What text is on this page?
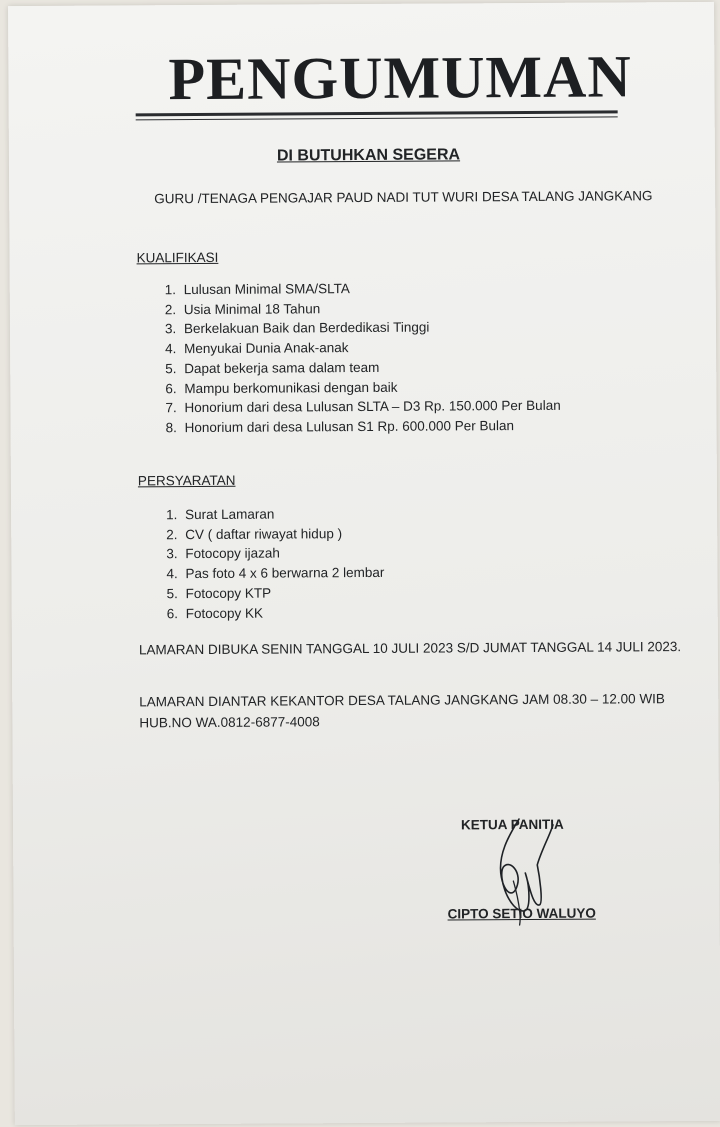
PENGUMUMAN

DI BUTUHKAN SEGERA

GURU /TENAGA PENGAJAR PAUD NADI TUT WURI DESA TALANG JANGKANG

KUALIFIKASI

1. Lulusan Minimal SMA/SLTA
2. Usia Minimal 18 Tahun
3. Berkelakuan Baik dan Berdedikasi Tinggi
4. Menyukai Dunia Anak-anak
5. Dapat bekerja sama dalam team
6. Mampu berkomunikasi dengan baik
7. Honorium dari desa Lulusan SLTA – D3 Rp. 150.000 Per Bulan
8. Honorium dari desa Lulusan S1 Rp. 600.000 Per Bulan

PERSYARATAN

1. Surat Lamaran
2. CV ( daftar riwayat hidup )
3. Fotocopy ijazah
4. Pas foto 4 x 6 berwarna 2 lembar
5. Fotocopy KTP
6. Fotocopy KK

LAMARAN DIBUKA SENIN TANGGAL 10 JULI 2023 S/D JUMAT TANGGAL 14 JULI 2023.

LAMARAN DIANTAR KEKANTOR DESA TALANG JANGKANG JAM 08.30 – 12.00 WIB

HUB.NO WA.0812-6877-4008

KETUA PANITIA

CIPTO SETIO WALUYO
